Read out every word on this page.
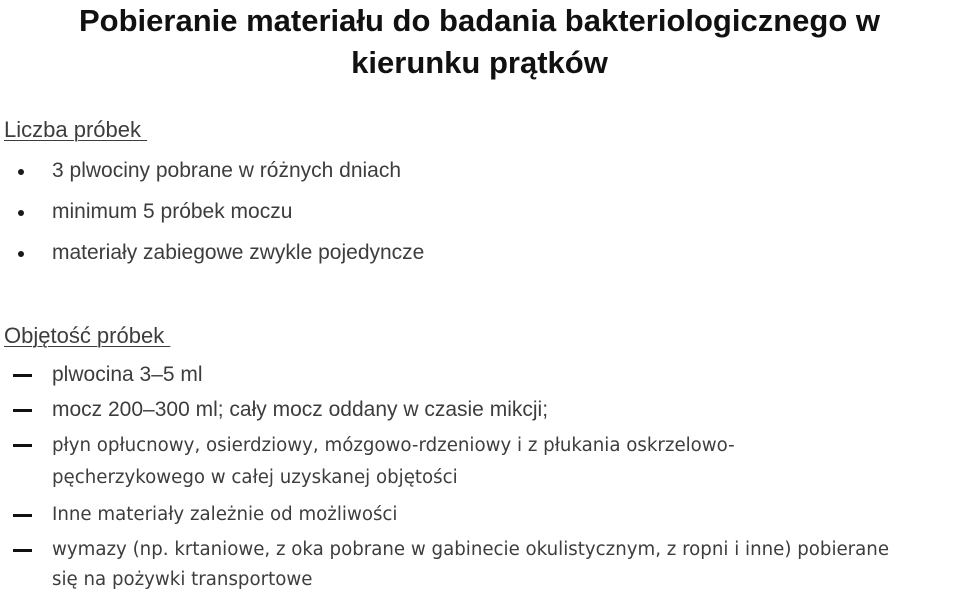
Pobieranie materiału do badania bakteriologicznego w
kierunku prątków
Liczba próbek
3 plwociny pobrane w różnych dniach
minimum 5 próbek moczu
materiały zabiegowe zwykle pojedyncze
Objętość próbek
plwocina 3–5 ml
mocz 200–300 ml; cały mocz oddany w czasie mikcji;
płyn opłucnowy, osierdziowy, mózgowo-rdzeniowy i z płukania oskrzelowo-
pęcherzykowego w całej uzyskanej objętości
Inne materiały zależnie od możliwości
wymazy (np. krtaniowe, z oka pobrane w gabinecie okulistycznym, z ropni i inne) pobierane
się na pożywki transportowe
